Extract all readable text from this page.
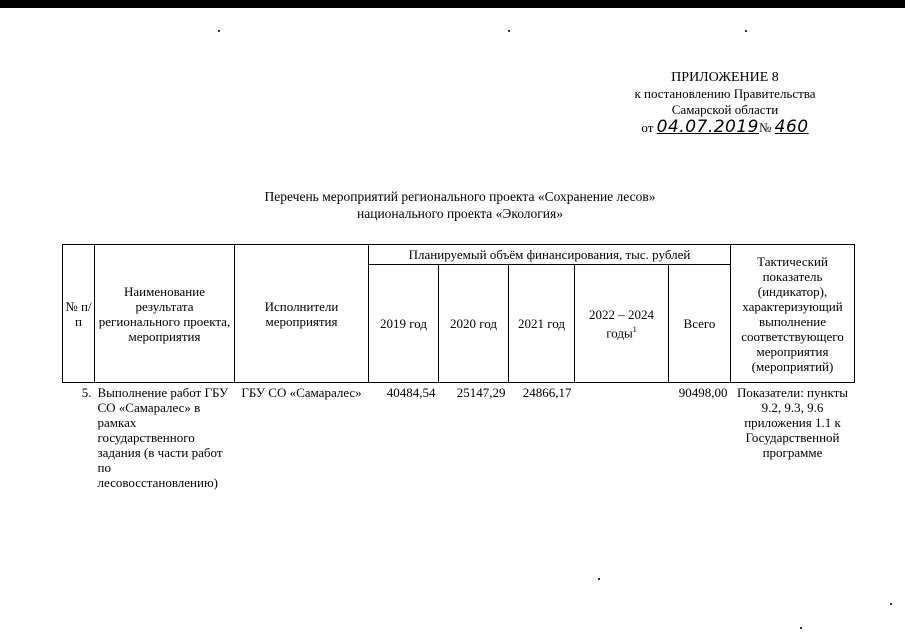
ПРИЛОЖЕНИЕ 8
к постановлению Правительства
Самарской области
от
04.07.2019 №
460
Перечень мероприятий регионального проекта «Сохранение лесов»
национального проекта «Экология»
№ п/п	Наименование результата регионального проекта, мероприятия	Исполнители мероприятия	Планируемый объём финансирования, тыс. рублей					Тактический показатель (индикатор), характеризующий выполнение соответствующего мероприятия (мероприятий)
			2019 год	2020 год	2021 год	2022 – 2024 годы$^1$	Всего	
5.	Выполнение работ ГБУ СО «Самаралес» в рамках государственного задания (в части работ по лесовосстановлению)	ГБУ СО «Самаралес»	40484,54	25147,29	24866,17		90498,00	Показатели: пункты 9.2, 9.3, 9.6 приложения 1.1 к Государственной программе
